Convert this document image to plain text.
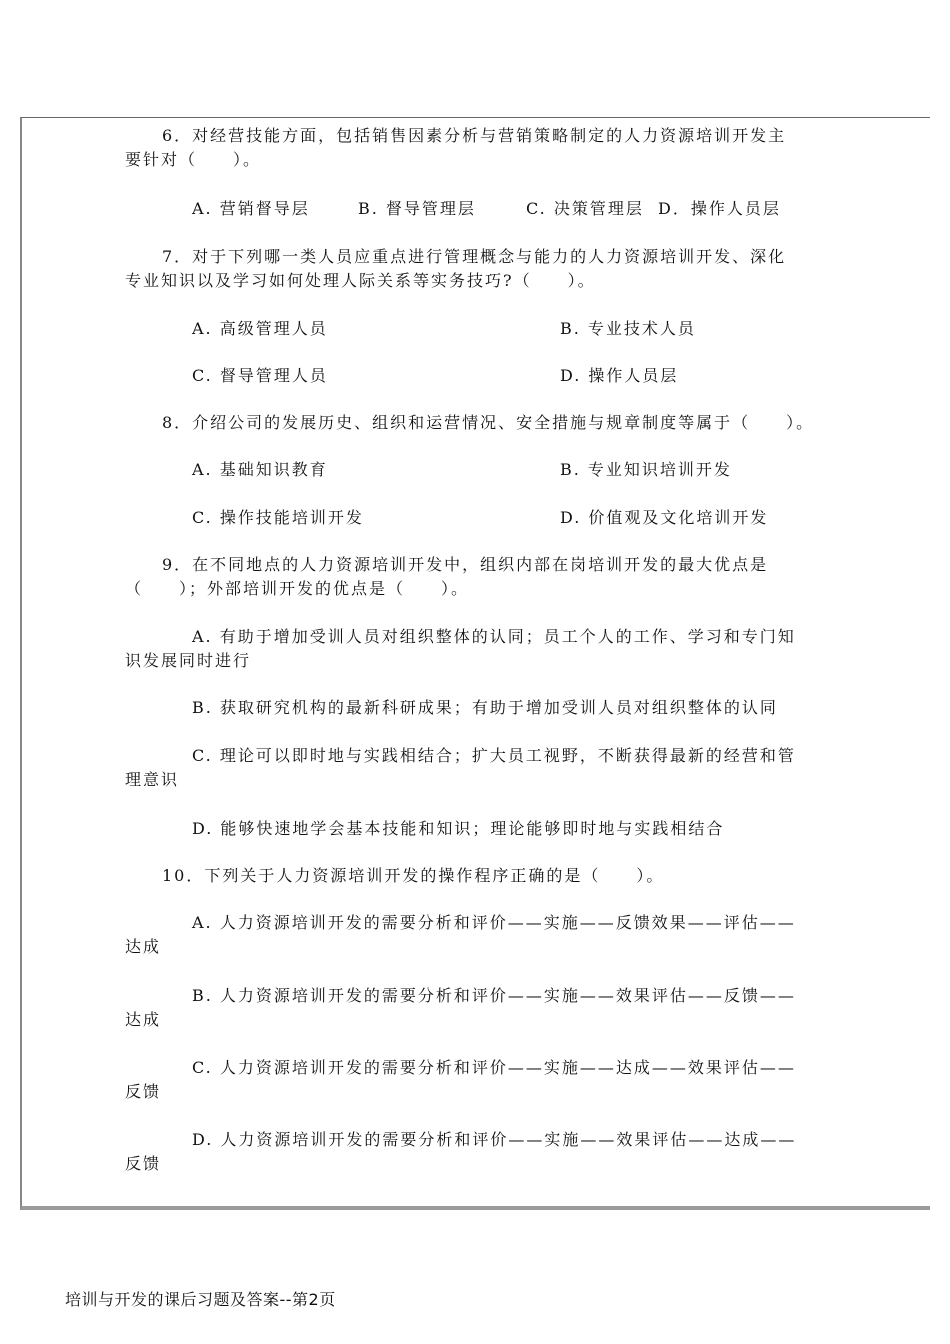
6．对经营技能方面，包括销售因素分析与营销策略制定的人力资源培训开发主
要针对（　　）。
A. 营销督导层	B. 督导管理层	C. 决策管理层 D．操作人员层
7．对于下列哪一类人员应重点进行管理概念与能力的人力资源培训开发、深化
专业知识以及学习如何处理人际关系等实务技巧?（　　）。
A. 高级管理人员	B. 专业技术人员
C. 督导管理人员	D. 操作人员层
8．介绍公司的发展历史、组织和运营情况、安全措施与规章制度等属于（　　）。
A. 基础知识教育	B. 专业知识培训开发
C. 操作技能培训开发	D. 价值观及文化培训开发
9．在不同地点的人力资源培训开发中，组织内部在岗培训开发的最大优点是
（　　）；外部培训开发的优点是（　　）。
A. 有助于增加受训人员对组织整体的认同；员工个人的工作、学习和专门知
识发展同时进行
B. 获取研究机构的最新科研成果；有助于增加受训人员对组织整体的认同
C. 理论可以即时地与实践相结合；扩大员工视野，不断获得最新的经营和管
理意识
D. 能够快速地学会基本技能和知识；理论能够即时地与实践相结合
10．下列关于人力资源培训开发的操作程序正确的是（　　）。
A. 人力资源培训开发的需要分析和评价——实施——反馈效果——评估——
达成
B. 人力资源培训开发的需要分析和评价——实施——效果评估——反馈——
达成
C. 人力资源培训开发的需要分析和评价——实施——达成——效果评估——
反馈
D. 人力资源培训开发的需要分析和评价——实施——效果评估——达成——
反馈
培训与开发的课后习题及答案--第2页
